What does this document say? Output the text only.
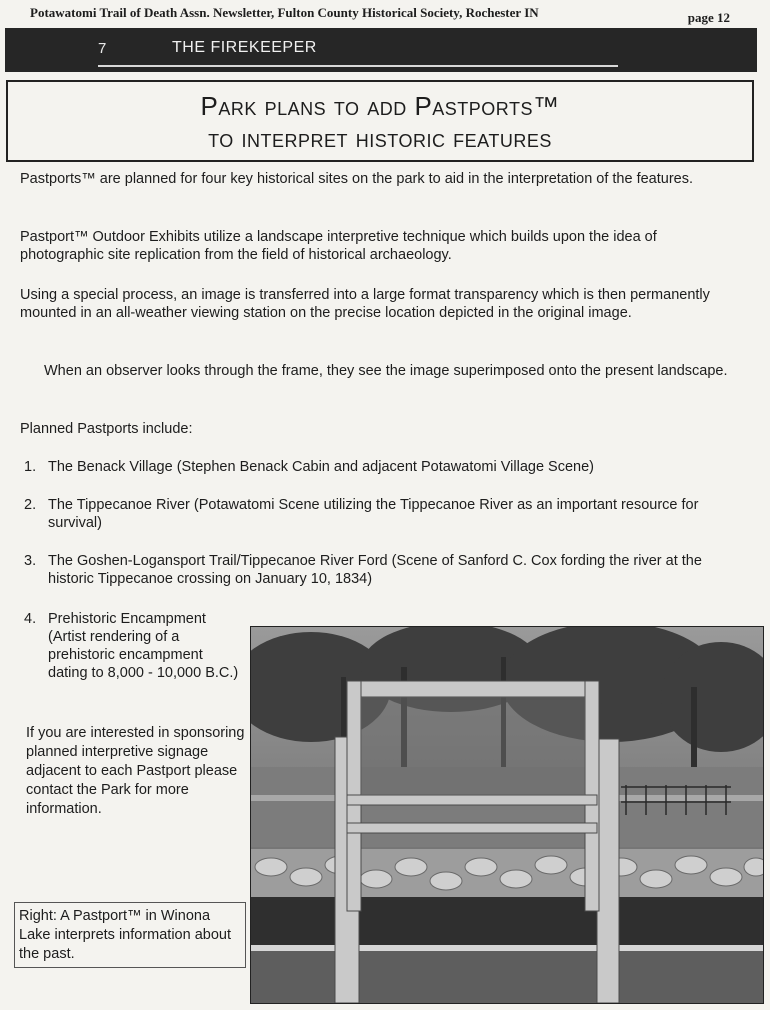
Potawatomi Trail of Death Assn. Newsletter, Fulton County Historical Society, Rochester IN	page 12
7	THE FIREKEEPER
Park plans to add Pastports™
to interpret historic features

Pastports™ are planned for four key historical sites on the park to aid in the interpretation of the features.

Pastport™ Outdoor Exhibits utilize a landscape interpretive technique which builds upon the idea of photographic site replication from the field of historical archaeology.

Using a special process, an image is transferred into a large format transparency which is then permanently mounted in an all-weather viewing station on the precise location depicted in the original image.

When an observer looks through the frame, they see the image superimposed onto the present landscape.

Planned Pastports include:

1. The Benack Village (Stephen Benack Cabin and adjacent Potawatomi Village Scene)
2. The Tippecanoe River (Potawatomi Scene utilizing the Tippecanoe River as an important resource for survival)
3. The Goshen-Logansport Trail/Tippecanoe River Ford (Scene of Sanford C. Cox fording the river at the historic Tippecanoe crossing on January 10, 1834)
4. Prehistoric Encampment (Artist rendering of a prehistoric encampment dating to 8,000 - 10,000 B.C.)
If you are interested in sponsoring planned interpretive signage adjacent to each Pastport please contact the Park for more information.
Right: A Pastport™ in Winona Lake interprets information about the past.
